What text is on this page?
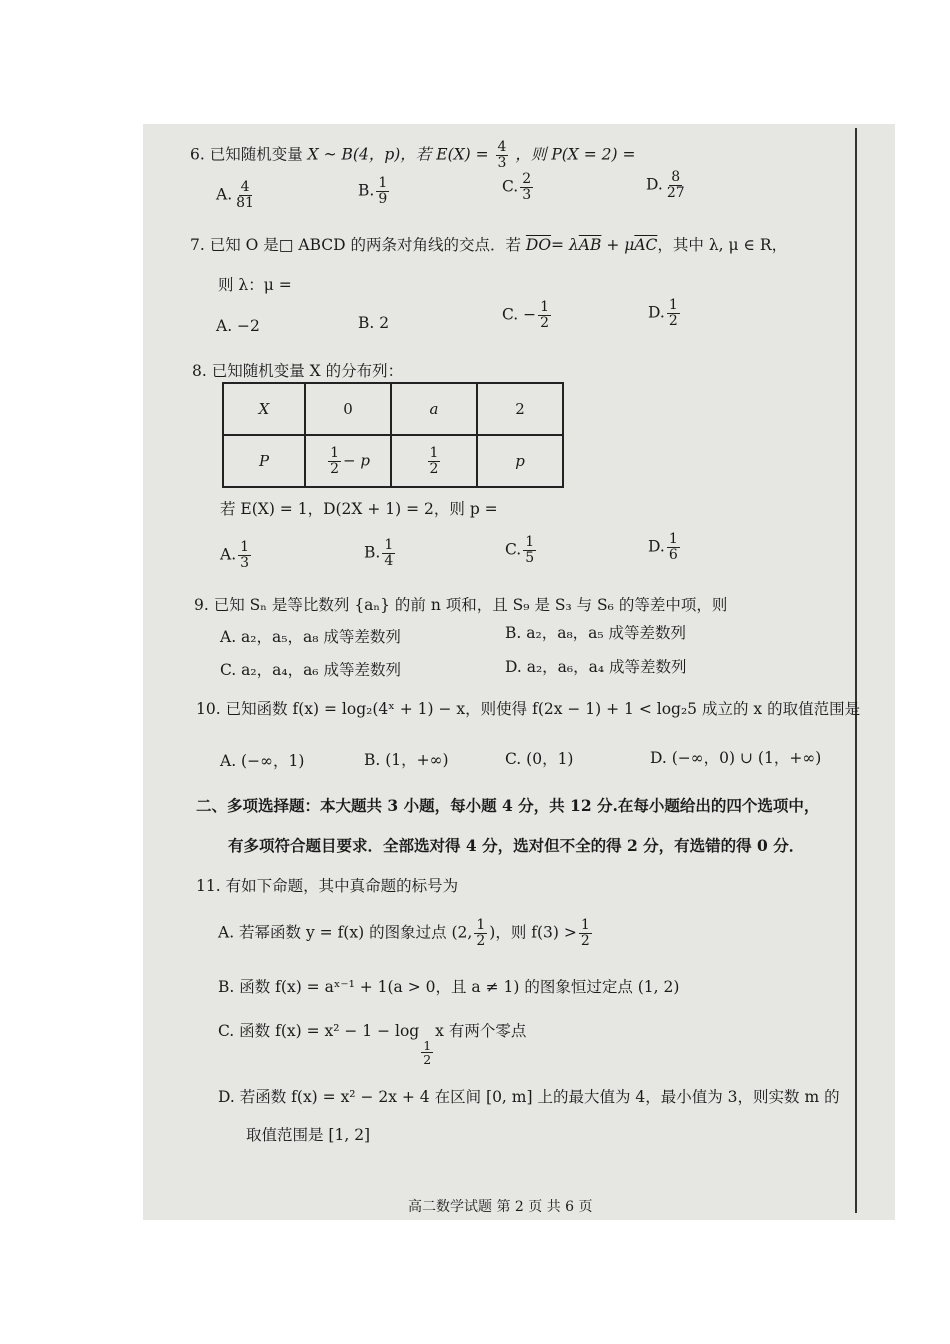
6. 已知随机变量 X ~ B(4，p)，若 $E(X) = \frac{4}{3}$ ，则 P(X = 2) =
A. $\frac{4}{81}$	B. $\frac{1}{9}$	C. $\frac{2}{3}$	D. $\frac{8}{27}$
7. 已知 O 是□ ABCD 的两条对角线的交点．若 $\overline{DO}= \lambda\overline{AB} + \mu\overline{AC}$，其中 λ, μ ∈ R，
则 λ：μ =
A. −2	B. 2	C. − $\frac{1}{2}$	D. $\frac{1}{2}$
8. 已知随机变量 X 的分布列：
X	0	a	2
P	$\frac{1}{2} - p$	$\frac{1}{2}$	p
若 E(X) = 1，D(2X + 1) = 2，则 p =
A. $\frac{1}{3}$	B. $\frac{1}{4}$	C. $\frac{1}{5}$	D. $\frac{1}{6}$
9. 已知 Sₙ 是等比数列 {aₙ} 的前 n 项和，且 S₉ 是 S₃ 与 S₆ 的等差中项，则
A. a₂，a₅，a₈ 成等差数列	B. a₂，a₈，a₅ 成等差数列
C. a₂，a₄，a₆ 成等差数列	D. a₂，a₆，a₄ 成等差数列
10. 已知函数 f(x) = log₂(4ˣ + 1) − x，则使得 f(2x − 1) + 1 < log₂5 成立的 x 的取值范围是
A. (−∞，1)	B. (1，+∞)	C. (0，1)	D. (−∞，0) ∪ (1，+∞)
二、多项选择题：本大题共 3 小题，每小题 4 分，共 12 分.在每小题给出的四个选项中，
有多项符合题目要求．全部选对得 4 分，选对但不全的得 2 分，有选错的得 0 分．
11. 有如下命题，其中真命题的标号为
A. 若幂函数 y = f(x) 的图象过点 (2, $\frac{1}{2}$ )，则 $f(3) > \frac{1}{2}$
B. 函数 f(x) = aˣ⁻¹ + 1(a > 0，且 a ≠ 1) 的图象恒过定点 (1, 2)
C. 函数 f(x) = x² − 1 − log
$\frac{1}{2}$
x 有两个零点
D. 若函数 f(x) = x² − 2x + 4 在区间 [0, m] 上的最大值为 4，最小值为 3，则实数 m 的
取值范围是 [1, 2]
高二数学试题 第 2 页 共 6 页
